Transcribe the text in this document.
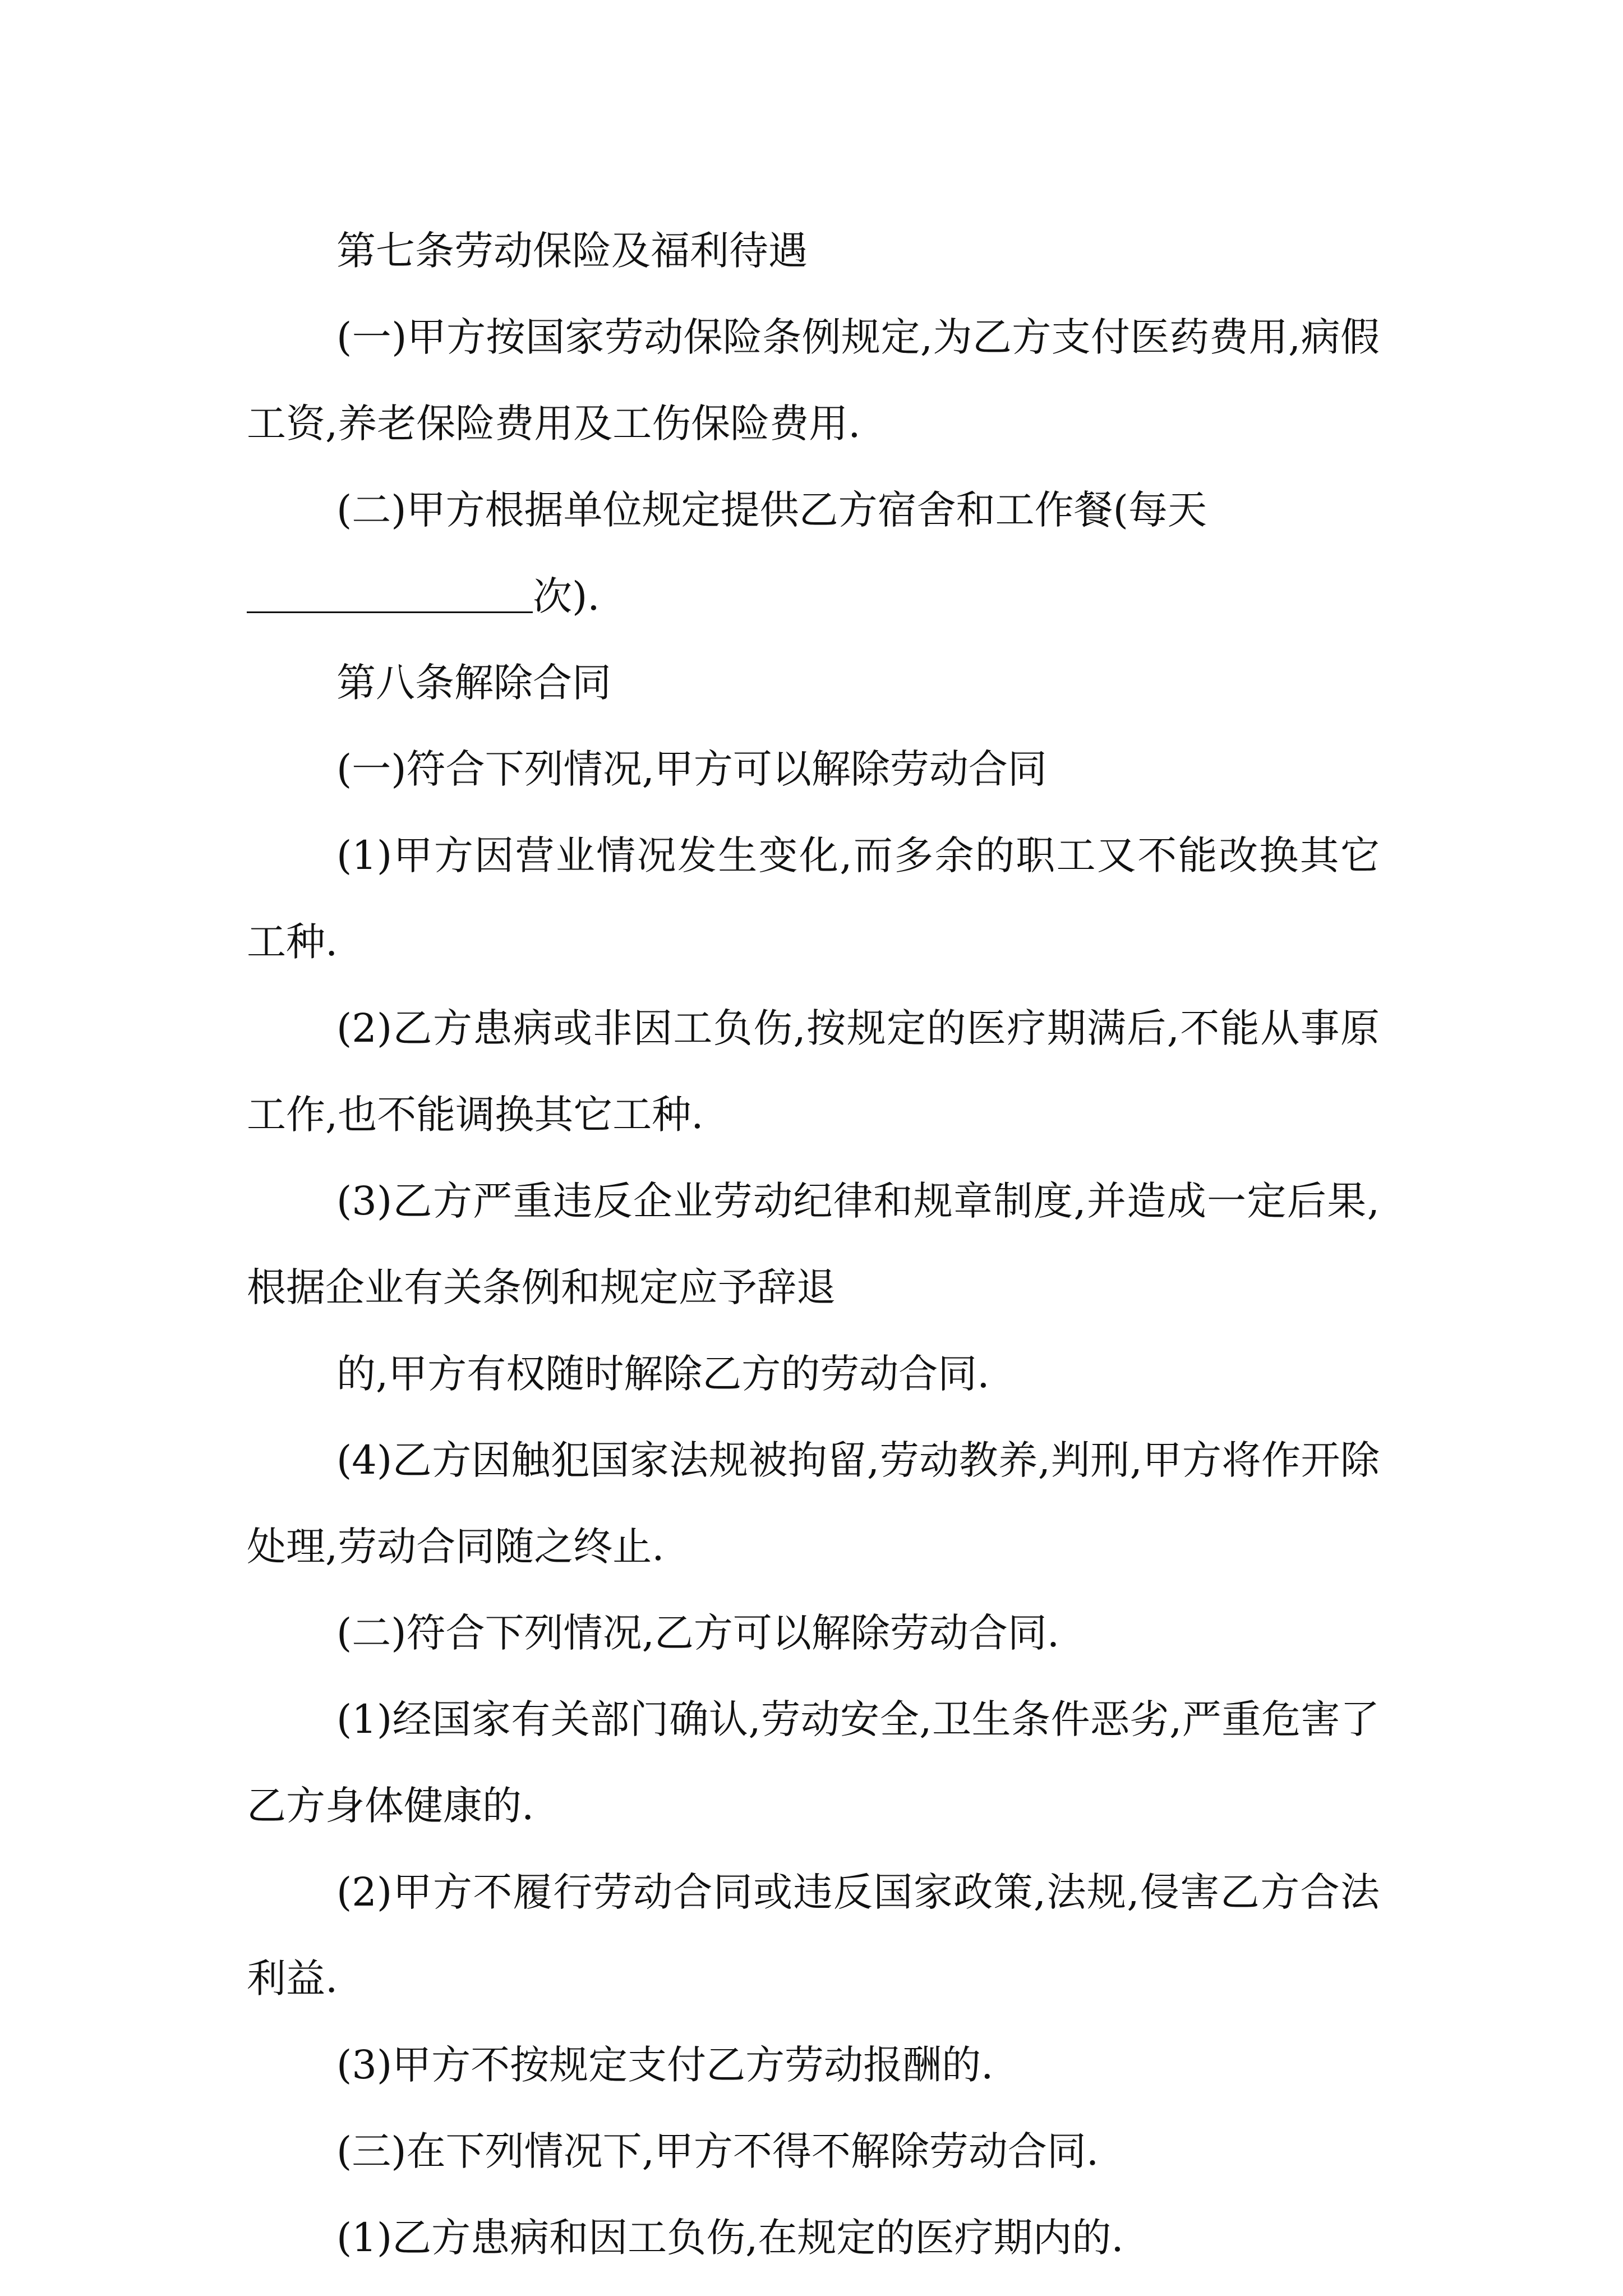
第七条劳动保险及福利待遇

(一)甲方按国家劳动保险条例规定,为乙方支付医药费用,病假工资,养老保险费用及工伤保险费用.

(二)甲方根据单位规定提供乙方宿舍和工作餐(每天

次).

第八条解除合同

(一)符合下列情况,甲方可以解除劳动合同

(1)甲方因营业情况发生变化,而多余的职工又不能改换其它工种.

(2)乙方患病或非因工负伤,按规定的医疗期满后,不能从事原工作,也不能调换其它工种.

(3)乙方严重违反企业劳动纪律和规章制度,并造成一定后果,根据企业有关条例和规定应予辞退

的,甲方有权随时解除乙方的劳动合同.

(4)乙方因触犯国家法规被拘留,劳动教养,判刑,甲方将作开除处理,劳动合同随之终止.

(二)符合下列情况,乙方可以解除劳动合同.

(1)经国家有关部门确认,劳动安全,卫生条件恶劣,严重危害了乙方身体健康的.

(2)甲方不履行劳动合同或违反国家政策,法规,侵害乙方合法利益.

(3)甲方不按规定支付乙方劳动报酬的.

(三)在下列情况下,甲方不得不解除劳动合同.

(1)乙方患病和因工负伤,在规定的医疗期内的.
